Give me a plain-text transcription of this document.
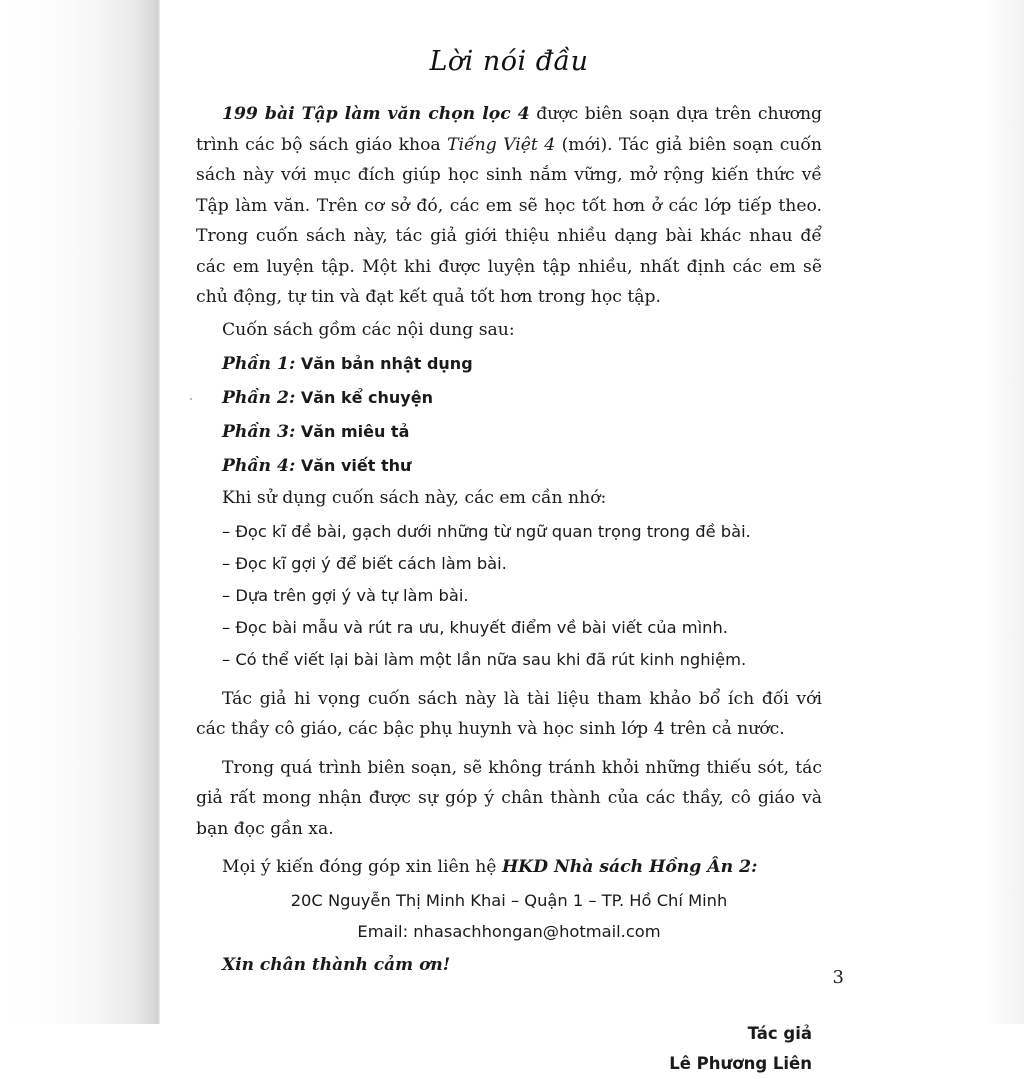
Lời nói đầu

199 bài Tập làm văn chọn lọc 4 được biên soạn dựa trên chương trình các bộ sách giáo khoa Tiếng Việt 4 (mới). Tác giả biên soạn cuốn sách này với mục đích giúp học sinh nắm vững, mở rộng kiến thức về Tập làm văn. Trên cơ sở đó, các em sẽ học tốt hơn ở các lớp tiếp theo. Trong cuốn sách này, tác giả giới thiệu nhiều dạng bài khác nhau để các em luyện tập. Một khi được luyện tập nhiều, nhất định các em sẽ chủ động, tự tin và đạt kết quả tốt hơn trong học tập.

Cuốn sách gồm các nội dung sau:

Phần 1: Văn bản nhật dụng

Phần 2: Văn kể chuyện

Phần 3: Văn miêu tả

Phần 4: Văn viết thư

Khi sử dụng cuốn sách này, các em cần nhớ:

– Đọc kĩ đề bài, gạch dưới những từ ngữ quan trọng trong đề bài.

– Đọc kĩ gợi ý để biết cách làm bài.

– Dựa trên gợi ý và tự làm bài.

– Đọc bài mẫu và rút ra ưu, khuyết điểm về bài viết của mình.

– Có thể viết lại bài làm một lần nữa sau khi đã rút kinh nghiệm.

Tác giả hi vọng cuốn sách này là tài liệu tham khảo bổ ích đối với các thầy cô giáo, các bậc phụ huynh và học sinh lớp 4 trên cả nước.

Trong quá trình biên soạn, sẽ không tránh khỏi những thiếu sót, tác giả rất mong nhận được sự góp ý chân thành của các thầy, cô giáo và bạn đọc gần xa.

Mọi ý kiến đóng góp xin liên hệ HKD Nhà sách Hồng Ân 2:

20C Nguyễn Thị Minh Khai – Quận 1 – TP. Hồ Chí Minh

Email: nhasachhongan@hotmail.com

Xin chân thành cảm ơn!

Tác giả
Lê Phương Liên
3
